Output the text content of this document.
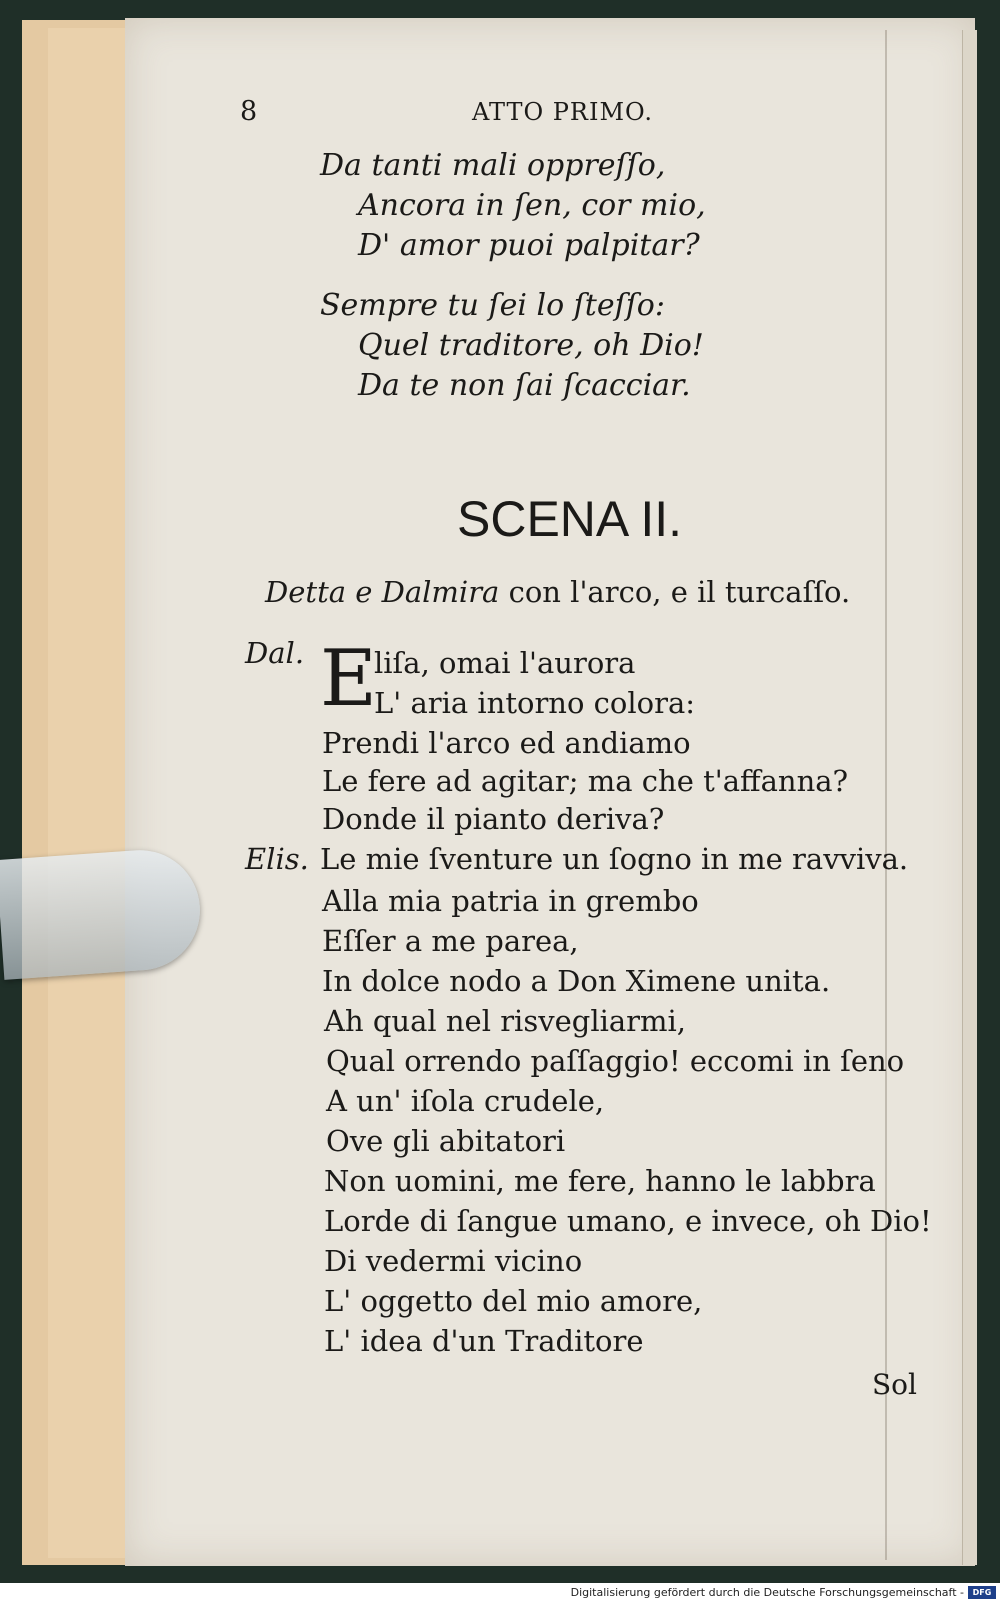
8	ATTO PRIMO.
Da tanti mali oppreſſo,
Ancora in ſen, cor mio,
D' amor puoi palpitar?
Sempre tu ſei lo ſteſſo:
Quel traditore, oh Dio!
Da te non ſai ſcacciar.
SCENA II.
Detta e Dalmira con l'arco, e il turcaſſo.
Dal. E
liſa, omai l'aurora
L' aria intorno colora:
Prendi l'arco ed andiamo
Le fere ad agitar; ma che t'affanna?
Donde il pianto deriva?
Elis. Le mie ſventure un ſogno in me ravviva.
Alla mia patria in grembo
Eſſer a me parea,
In dolce nodo a Don Ximene unita.
Ah qual nel risvegliarmi,
Qual orrendo paſſaggio! eccomi in ſeno
A un' iſola crudele,
Ove gli abitatori
Non uomini, me fere, hanno le labbra
Lorde di ſangue umano, e invece, oh Dio!
Di vedermi vicino
L' oggetto del mio amore,
L' idea d'un Traditore
Sol
Digitalisierung gefördert durch die Deutsche Forschungsgemeinschaft -	DFG
